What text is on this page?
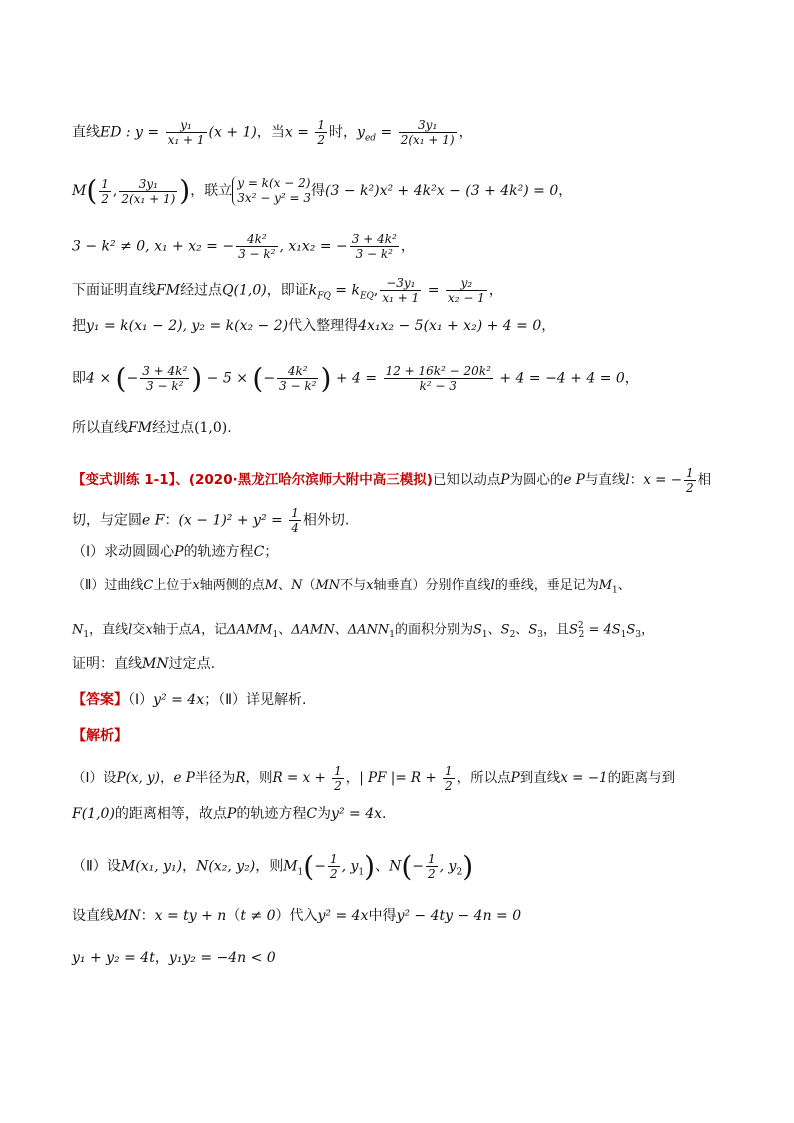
直线ED : $y = \frac{\text{y₁}}{\text{x₁ + 1}} (x + 1)$，当$x = \frac{1}{2}$ 时，$y_{ed} = \frac{\text{3y₁}}{\text{2(x₁ + 1)}}$ ，
$M( \frac{1}{2}$ , $\frac{\text{3y₁}}{\text{2(x₁ + 1)}}$ )，联立 y = k(x − 2)
3x² − y² = 3 得(3 − k²)x² + 4k²x − (3 + 4k²) = 0，
3 − k² ≠ 0, x₁ + x₂ = − $\frac{\text{4k²}}{\text{3 − k²}}$ , x₁x₂ = − $\frac{\text{3 + 4k²}}{\text{3 − k²}}$ ，
下面证明直线FM经过点Q(1,0)，即证$k_{FQ} = k_{EQ}$, $\frac{\text{−3y₁}}{\text{x₁ + 1}} = \frac{\text{y₂}}{\text{x₂ − 1}}$ ，
把y₁ = k(x₁ − 2), y₂ = k(x₂ − 2)代入整理得4x₁x₂ − 5(x₁ + x₂) + 4 = 0，
即4 × (− $\frac{\text{3 + 4k²}}{\text{3 − k²}}$ ) − 5 × (− $\frac{\text{4k²}}{\text{3 − k²}}$ ) + $4 = \frac{\text{12 + 16k² − 20k²}}{\text{k² − 3}} + 4 = -4 + 4 = 0$，
所以直线FM经过点(1,0).
【变式训练 1-1】、(2020·黑龙江哈尔滨师大附中高三模拟)已知以动点P为圆心的e P与直线l：x = − $\frac{1}{2}$ 相
切，与定圆e F：$(x - 1)^2 + y^2 = \frac{1}{4}$ 相外切.
（Ⅰ）求动圆圆心P的轨迹方程C；
（Ⅱ）过曲线C上位于x轴两侧的点M、N（MN不与x轴垂直）分别作直线l的垂线，垂足记为$M_1$、
$N_1$，直线l交x轴于点A，记$\Delta AMM_1$、ΔAMN、$\Delta ANN_1$的面积分别为$S_1$、$S_2$、$S_3$，且$S^2_2 = 4S_1S_3$，
证明：直线MN过定点.
【答案】（Ⅰ）y² = 4x；（Ⅱ）详见解析.
【解析】
（Ⅰ）设P(x, y)，e P半径为R，则$R = x + \frac{1}{2}$ ，| PF |= $R + \frac{1}{2}$ ，所以点P到直线x = −1的距离与到
F(1,0)的距离相等，故点P的轨迹方程C为y² = 4x.
（Ⅱ）设M(x₁, y₁)，N(x₂, y₂)，则$M_1(- \frac{1}{2}$ , $y_1$)、$N(- \frac{1}{2}$ , $y_2$)
设直线MN：x = ty + n（t ≠ 0）代入y² = 4x中得y² − 4ty − 4n = 0
y₁ + y₂ = 4t，y₁y₂ = −4n < 0
